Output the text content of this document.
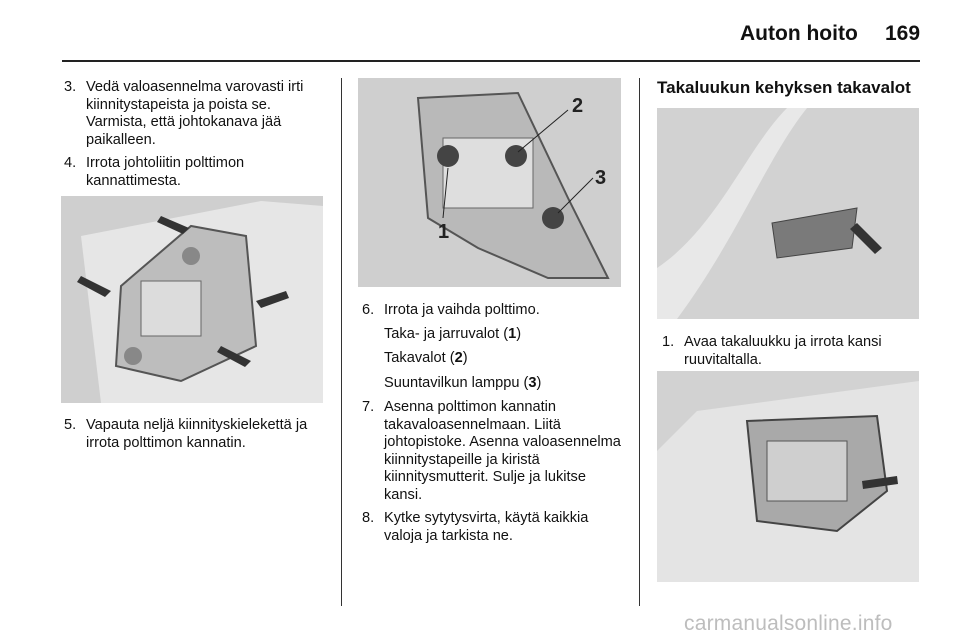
Auton hoito 169
3. Vedä valoasennelma varovasti irti kiinnitystapeista ja poista se. Varmista, että johtokanava jää paikalleen.
4. Irrota johtoliitin polttimon kannattimesta.
5. Vapauta neljä kiinnityskielekettä ja irrota polttimon kannatin.
1
2
3
6. Irrota ja vaihda polttimo.
Taka- ja jarruvalot (1)
Takavalot (2)
Suuntavilkun lamppu (3)
7. Asenna polttimon kannatin takavaloasennelmaan. Liitä johtopistoke. Asenna valoasennelma kiinnitystapeille ja kiristä kiinnitysmutterit. Sulje ja lukitse kansi.
8. Kytke sytytysvirta, käytä kaikkia valoja ja tarkista ne.
Takaluukun kehyksen takavalot
1. Avaa takaluukku ja irrota kansi ruuvitaltalla.
carmanualsonline.info
